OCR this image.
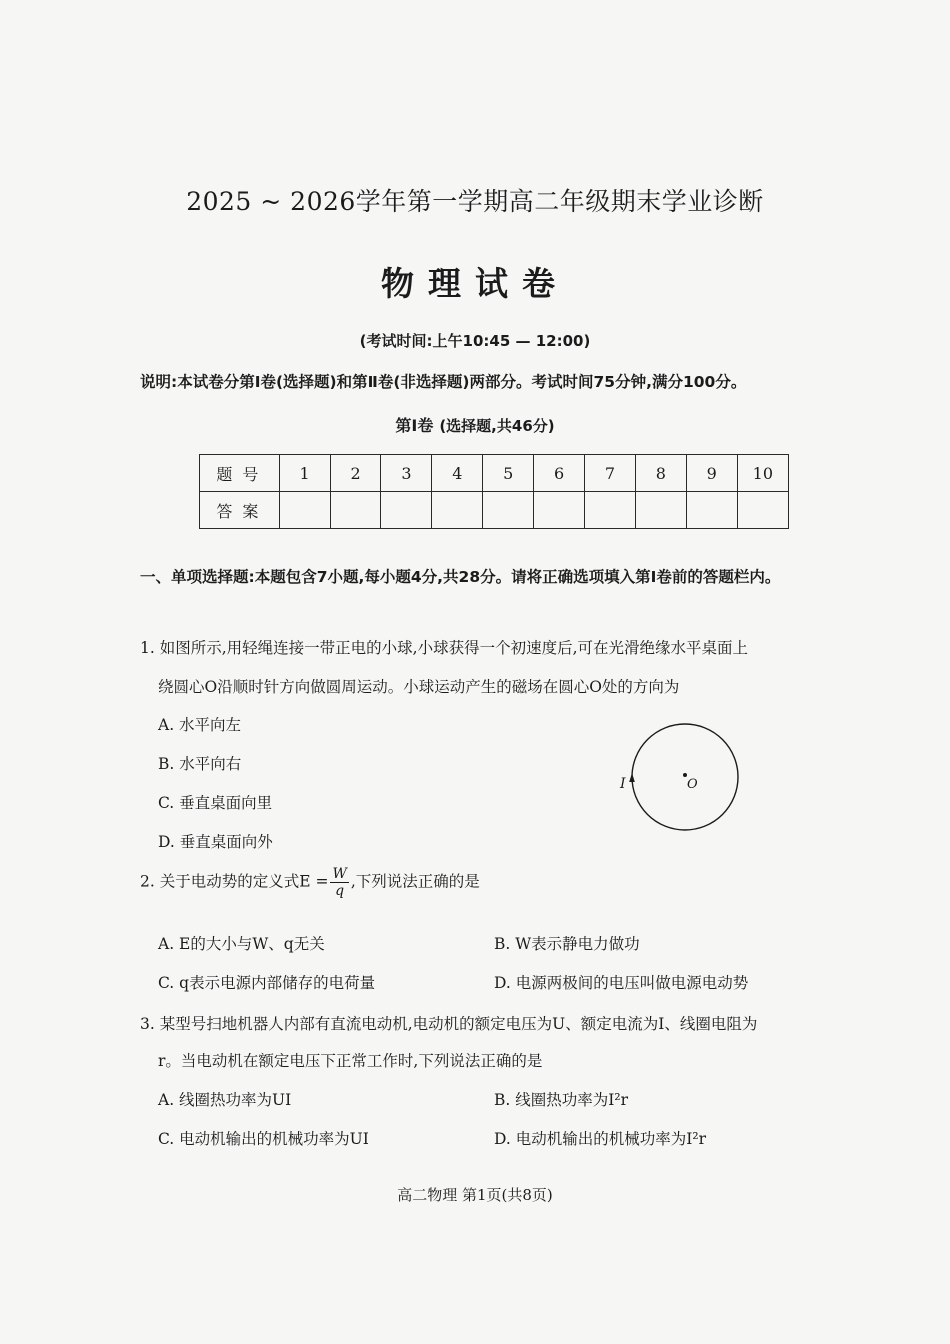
2025 ~ 2026学年第一学期高二年级期末学业诊断
物理试卷
(考试时间:上午10:45 — 12:00)
说明:本试卷分第Ⅰ卷(选择题)和第Ⅱ卷(非选择题)两部分。考试时间75分钟,满分100分。
第Ⅰ卷 (选择题,共46分)
题号	1	2	3	4	5	6	7	8	9	10
答案										
一、单项选择题:本题包含7小题,每小题4分,共28分。请将正确选项填入第Ⅰ卷前的答题栏内。
1. 如图所示,用轻绳连接一带正电的小球,小球获得一个初速度后,可在光滑绝缘水平桌面上
绕圆心O沿顺时针方向做圆周运动。小球运动产生的磁场在圆心O处的方向为
A. 水平向左
B. 水平向右
C. 垂直桌面向里
D. 垂直桌面向外
I	O
2. 关于电动势的定义式$E = \frac{W}{q}$ ,下列说法正确的是
A. E的大小与W、q无关	B. W表示静电力做功
C. q表示电源内部储存的电荷量	D. 电源两极间的电压叫做电源电动势
3. 某型号扫地机器人内部有直流电动机,电动机的额定电压为U、额定电流为I、线圈电阻为
r。当电动机在额定电压下正常工作时,下列说法正确的是
A. 线圈热功率为UI	B. 线圈热功率为I²r
C. 电动机输出的机械功率为UI	D. 电动机输出的机械功率为I²r
高二物理 第1页(共8页)
